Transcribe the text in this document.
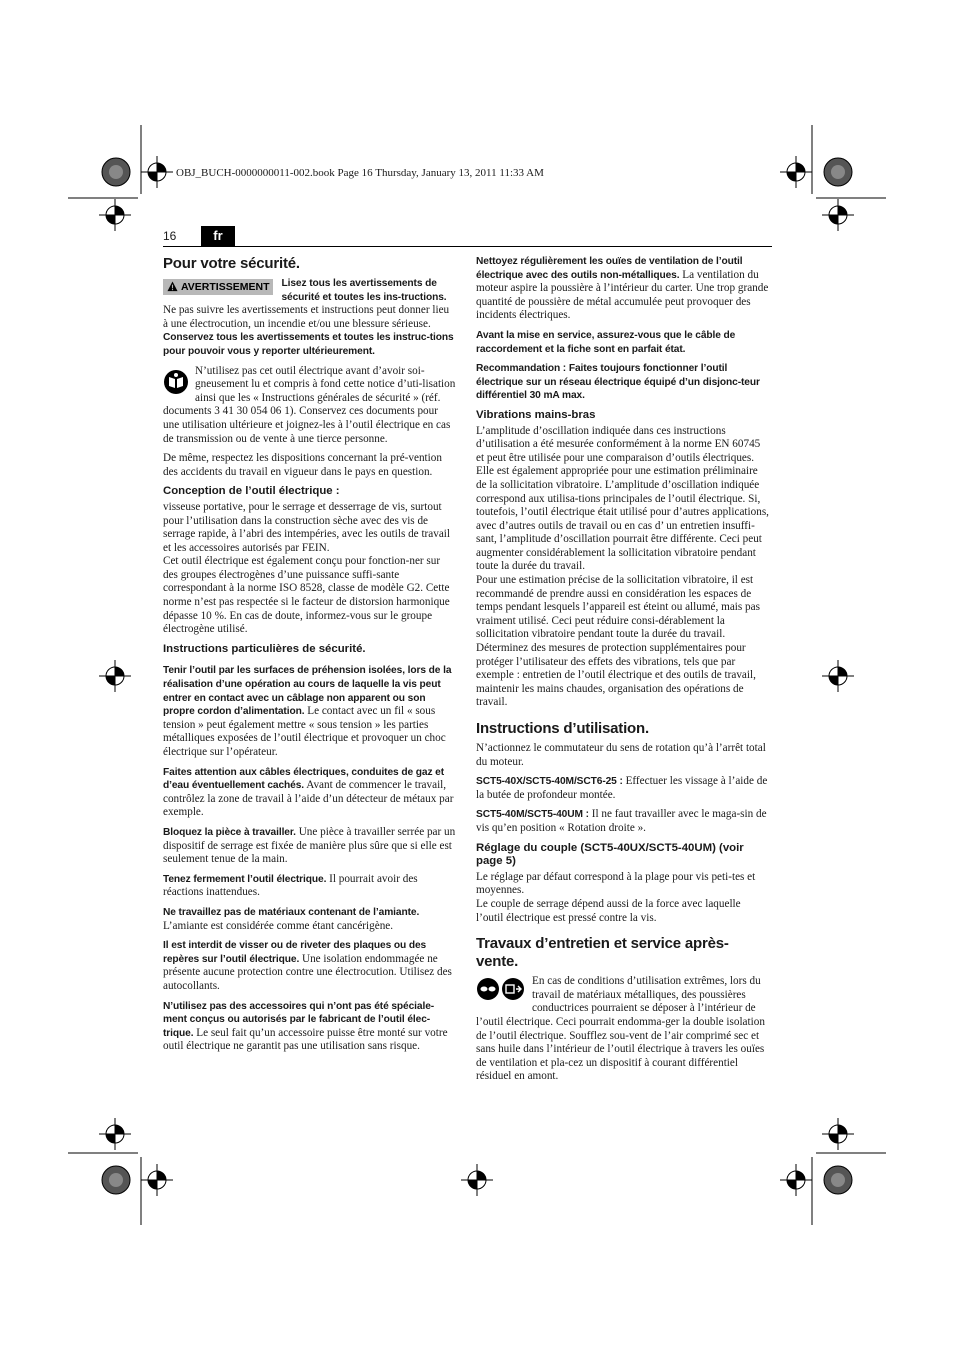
OBJ_BUCH-0000000011-002.book Page 16 Thursday, January 13, 2011 11:33 AM
16	fr
Pour votre sécurité.

AVERTISSEMENT	Lisez tous les avertissements de sécurité et toutes les ins-tructions. Ne pas suivre les avertissements et instructions peut donner lieu à une électrocution, un incendie et/ou une blessure sérieuse.

Conservez tous les avertissements et toutes les instruc-tions pour pouvoir vous y reporter ultérieurement.

N’utilisez pas cet outil électrique avant d’avoir soi-gneusement lu et compris à fond cette notice d’uti-lisation ainsi que les « Instructions générales de sécurité » (réf. documents 3 41 30 054 06 1). Conservez ces documents pour une utilisation ultérieure et joignez-les à l’outil électrique en cas de transmission ou de vente à une tierce personne.

De même, respectez les dispositions concernant la pré-vention des accidents du travail en vigueur dans le pays en question.

Conception de l’outil électrique :

visseuse portative, pour le serrage et desserrage de vis, surtout pour l’utilisation dans la construction sèche avec des vis de serrage rapide, à l’abri des intempéries, avec les outils de travail et les accessoires autorisés par FEIN.

Cet outil électrique est également conçu pour fonction-ner sur des groupes électrogènes d’une puissance suffi-sante correspondant à la norme ISO 8528, classe de modèle G2. Cette norme n’est pas respectée si le facteur de distorsion harmonique dépasse 10 %. En cas de doute, informez-vous sur le groupe électrogène utilisé.

Instructions particulières de sécurité.

Tenir l’outil par les surfaces de préhension isolées, lors de la réalisation d’une opération au cours de laquelle la vis peut entrer en contact avec un câblage non apparent ou son propre cordon d’alimentation. Le contact avec un fil « sous tension » peut également mettre « sous tension » les parties métalliques exposées de l’outil électrique et provoquer un choc électrique sur l’opérateur.

Faites attention aux câbles électriques, conduites de gaz et d’eau éventuellement cachés. Avant de commencer le travail, contrôlez la zone de travail à l’aide d’un détecteur de métaux par exemple.

Bloquez la pièce à travailler. Une pièce à travailler serrée par un dispositif de serrage est fixée de manière plus sûre que si elle est seulement tenue de la main.

Tenez fermement l’outil électrique. Il pourrait avoir des réactions inattendues.

Ne travaillez pas de matériaux contenant de l’amiante. L’amiante est considérée comme étant cancérigène.

Il est interdit de visser ou de riveter des plaques ou des repères sur l’outil électrique. Une isolation endommagée ne présente aucune protection contre une électrocution. Utilisez des autocollants.

N’utilisez pas des accessoires qui n’ont pas été spéciale-ment conçus ou autorisés par le fabricant de l’outil élec-trique. Le seul fait qu’un accessoire puisse être monté sur votre outil électrique ne garantit pas une utilisation sans risque.

Nettoyez régulièrement les ouïes de ventilation de l’outil électrique avec des outils non-métalliques. La ventilation du moteur aspire la poussière à l’intérieur du carter. Une trop grande quantité de poussière de métal accumulée peut provoquer des incidents électriques.

Avant la mise en service, assurez-vous que le câble de raccordement et la fiche sont en parfait état.

Recommandation : Faites toujours fonctionner l’outil électrique sur un réseau électrique équipé d’un disjonc-teur différentiel 30 mA max.

Vibrations mains-bras

L’amplitude d’oscillation indiquée dans ces instructions d’utilisation a été mesurée conformément à la norme EN 60745 et peut être utilisée pour une comparaison d’outils électriques. Elle est également appropriée pour une estimation préliminaire de la sollicitation vibratoire. L’amplitude d’oscillation indiquée correspond aux utilisa-tions principales de l’outil électrique. Si, toutefois, l’outil électrique était utilisé pour d’autres applications, avec d’autres outils de travail ou en cas d’ un entretien insuffi-sant, l’amplitude d’oscillation pourrait être différente. Ceci peut augmenter considérablement la sollicitation vibratoire pendant toute la durée du travail.

Pour une estimation précise de la sollicitation vibratoire, il est recommandé de prendre aussi en considération les espaces de temps pendant lesquels l’appareil est éteint ou allumé, mais pas vraiment utilisé. Ceci peut réduire consi-dérablement la sollicitation vibratoire pendant toute la durée du travail.

Déterminez des mesures de protection supplémentaires pour protéger l’utilisateur des effets des vibrations, tels que par exemple : entretien de l’outil électrique et des outils de travail, maintenir les mains chaudes, organisation des opérations de travail.

Instructions d’utilisation.

N’actionnez le commutateur du sens de rotation qu’à l’arrêt total du moteur.

SCT5-40X/SCT5-40M/SCT6-25 : Effectuer les vissage à l’aide de la butée de profondeur montée.

SCT5-40M/SCT5-40UM : Il ne faut travailler avec le maga-sin de vis qu’en position « Rotation droite ».

Réglage du couple (SCT5-40UX/SCT5-40UM) (voir page 5)

Le réglage par défaut correspond à la plage pour vis peti-tes et moyennes.

Le couple de serrage dépend aussi de la force avec laquelle l’outil électrique est pressé contre la vis.

Travaux d’entretien et service après-vente.

En cas de conditions d’utilisation extrêmes, lors du travail de matériaux métalliques, des poussières conductrices pourraient se déposer à l’intérieur de l’outil électrique. Ceci pourrait endomma-ger la double isolation de l’outil électrique. Soufflez sou-vent de l’air comprimé sec et sans huile dans l’intérieur de l’outil électrique à travers les ouïes de ventilation et pla-cez un dispositif à courant différentiel résiduel en amont.
